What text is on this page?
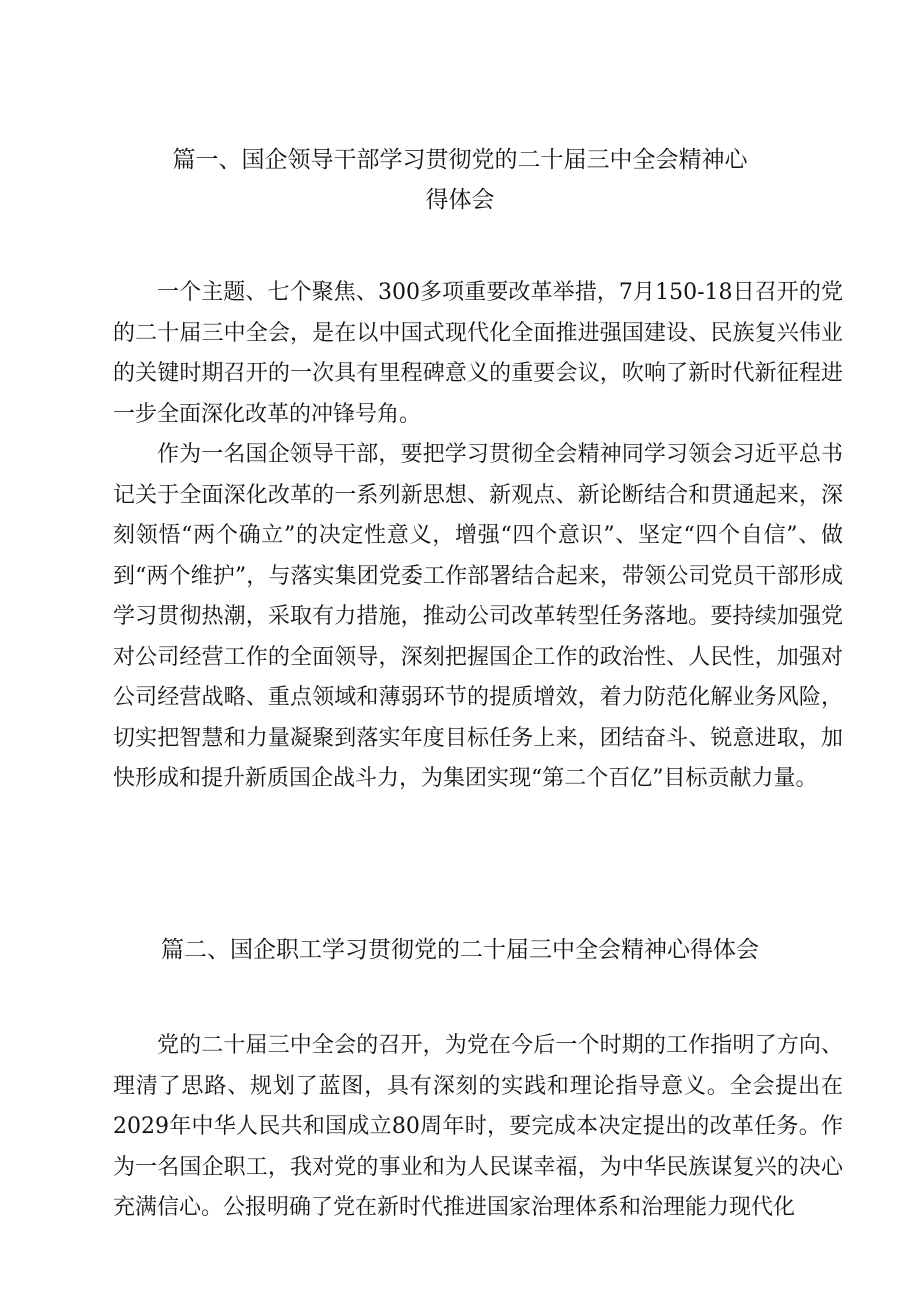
篇一、国企领导干部学习贯彻党的二十届三中全会精神心
得体会

一个主题、七个聚焦、300多项重要改革举措，7月150-18日召开的党的二十届三中全会，是在以中国式现代化全面推进强国建设、民族复兴伟业的关键时期召开的一次具有里程碑意义的重要会议，吹响了新时代新征程进一步全面深化改革的冲锋号角。

作为一名国企领导干部，要把学习贯彻全会精神同学习领会习近平总书记关于全面深化改革的一系列新思想、新观点、新论断结合和贯通起来，深刻领悟“两个确立”的决定性意义，增强“四个意识”、坚定“四个自信”、做到“两个维护”，与落实集团党委工作部署结合起来，带领公司党员干部形成学习贯彻热潮，采取有力措施，推动公司改革转型任务落地。要持续加强党对公司经营工作的全面领导，深刻把握国企工作的政治性、人民性，加强对公司经营战略、重点领域和薄弱环节的提质增效，着力防范化解业务风险，切实把智慧和力量凝聚到落实年度目标任务上来，团结奋斗、锐意进取，加快形成和提升新质国企战斗力，为集团实现“第二个百亿”目标贡献力量。

篇二、国企职工学习贯彻党的二十届三中全会精神心得体会

党的二十届三中全会的召开，为党在今后一个时期的工作指明了方向、理清了思路、规划了蓝图，具有深刻的实践和理论指导意义。全会提出在2029年中华人民共和国成立80周年时，要完成本决定提出的改革任务。作为一名国企职工，我对党的事业和为人民谋幸福，为中华民族谋复兴的决心充满信心。公报明确了党在新时代推进国家治理体系和治理能力现代化
